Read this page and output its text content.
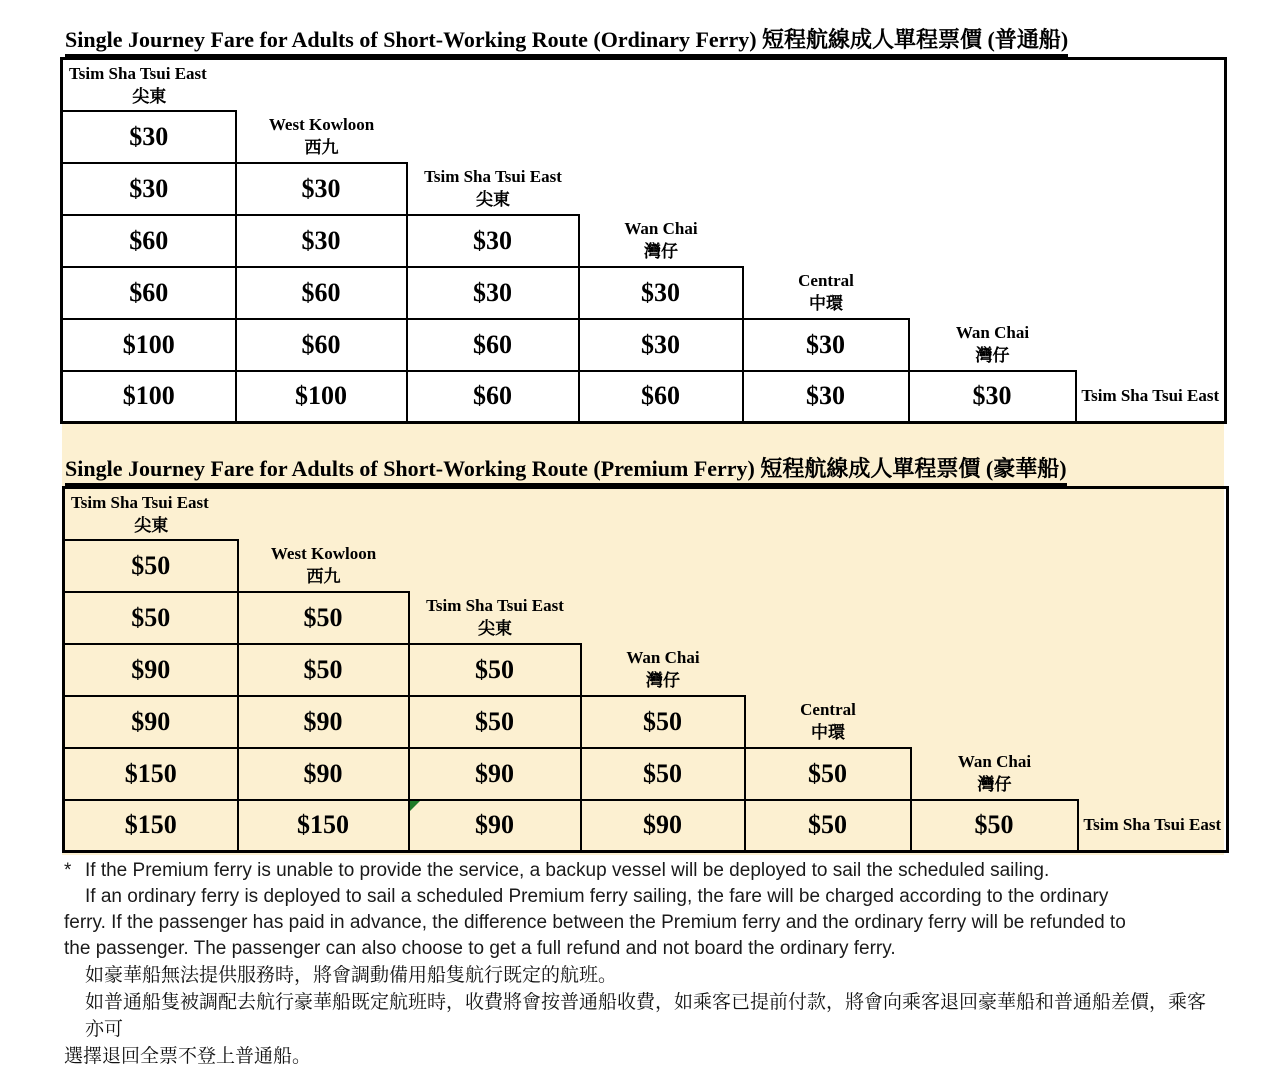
Single Journey Fare for Adults of Short-Working Route (Ordinary Ferry) 短程航線成人單程票價 (普通船)
Tsim Sha Tsui East
尖東						

$30	West Kowloon
西九					

$30	$30	Tsim Sha Tsui East
尖東				

$60	$30	$30	Wan Chai
灣仔			

$60	$60	$30	$30	Central
中環		

$100	$60	$60	$30	$30	Wan Chai
灣仔	

$100	$100	$60	$60	$30	$30	Tsim Sha Tsui East
Single Journey Fare for Adults of Short-Working Route (Premium Ferry) 短程航線成人單程票價 (豪華船)
Tsim Sha Tsui East
尖東						

$50	West Kowloon
西九					

$50	$50	Tsim Sha Tsui East
尖東				

$90	$50	$50	Wan Chai
灣仔			

$90	$90	$50	$50	Central
中環		

$150	$90	$90	$50	$50	Wan Chai
灣仔	

$150	$150	$90	$90	$50	$50	Tsim Sha Tsui East
* If the Premium ferry is unable to provide the service, a backup vessel will be deployed to sail the scheduled sailing.
If an ordinary ferry is deployed to sail a scheduled Premium ferry sailing, the fare will be charged according to the ordinary
ferry. If the passenger has paid in advance, the difference between the Premium ferry and the ordinary ferry will be refunded to
the passenger. The passenger can also choose to get a full refund and not board the ordinary ferry.
如豪華船無法提供服務時，將會調動備用船隻航行既定的航班。
如普通船隻被調配去航行豪華船既定航班時，收費將會按普通船收費，如乘客已提前付款，將會向乘客退回豪華船和普通船差價，乘客亦可
選擇退回全票不登上普通船。
